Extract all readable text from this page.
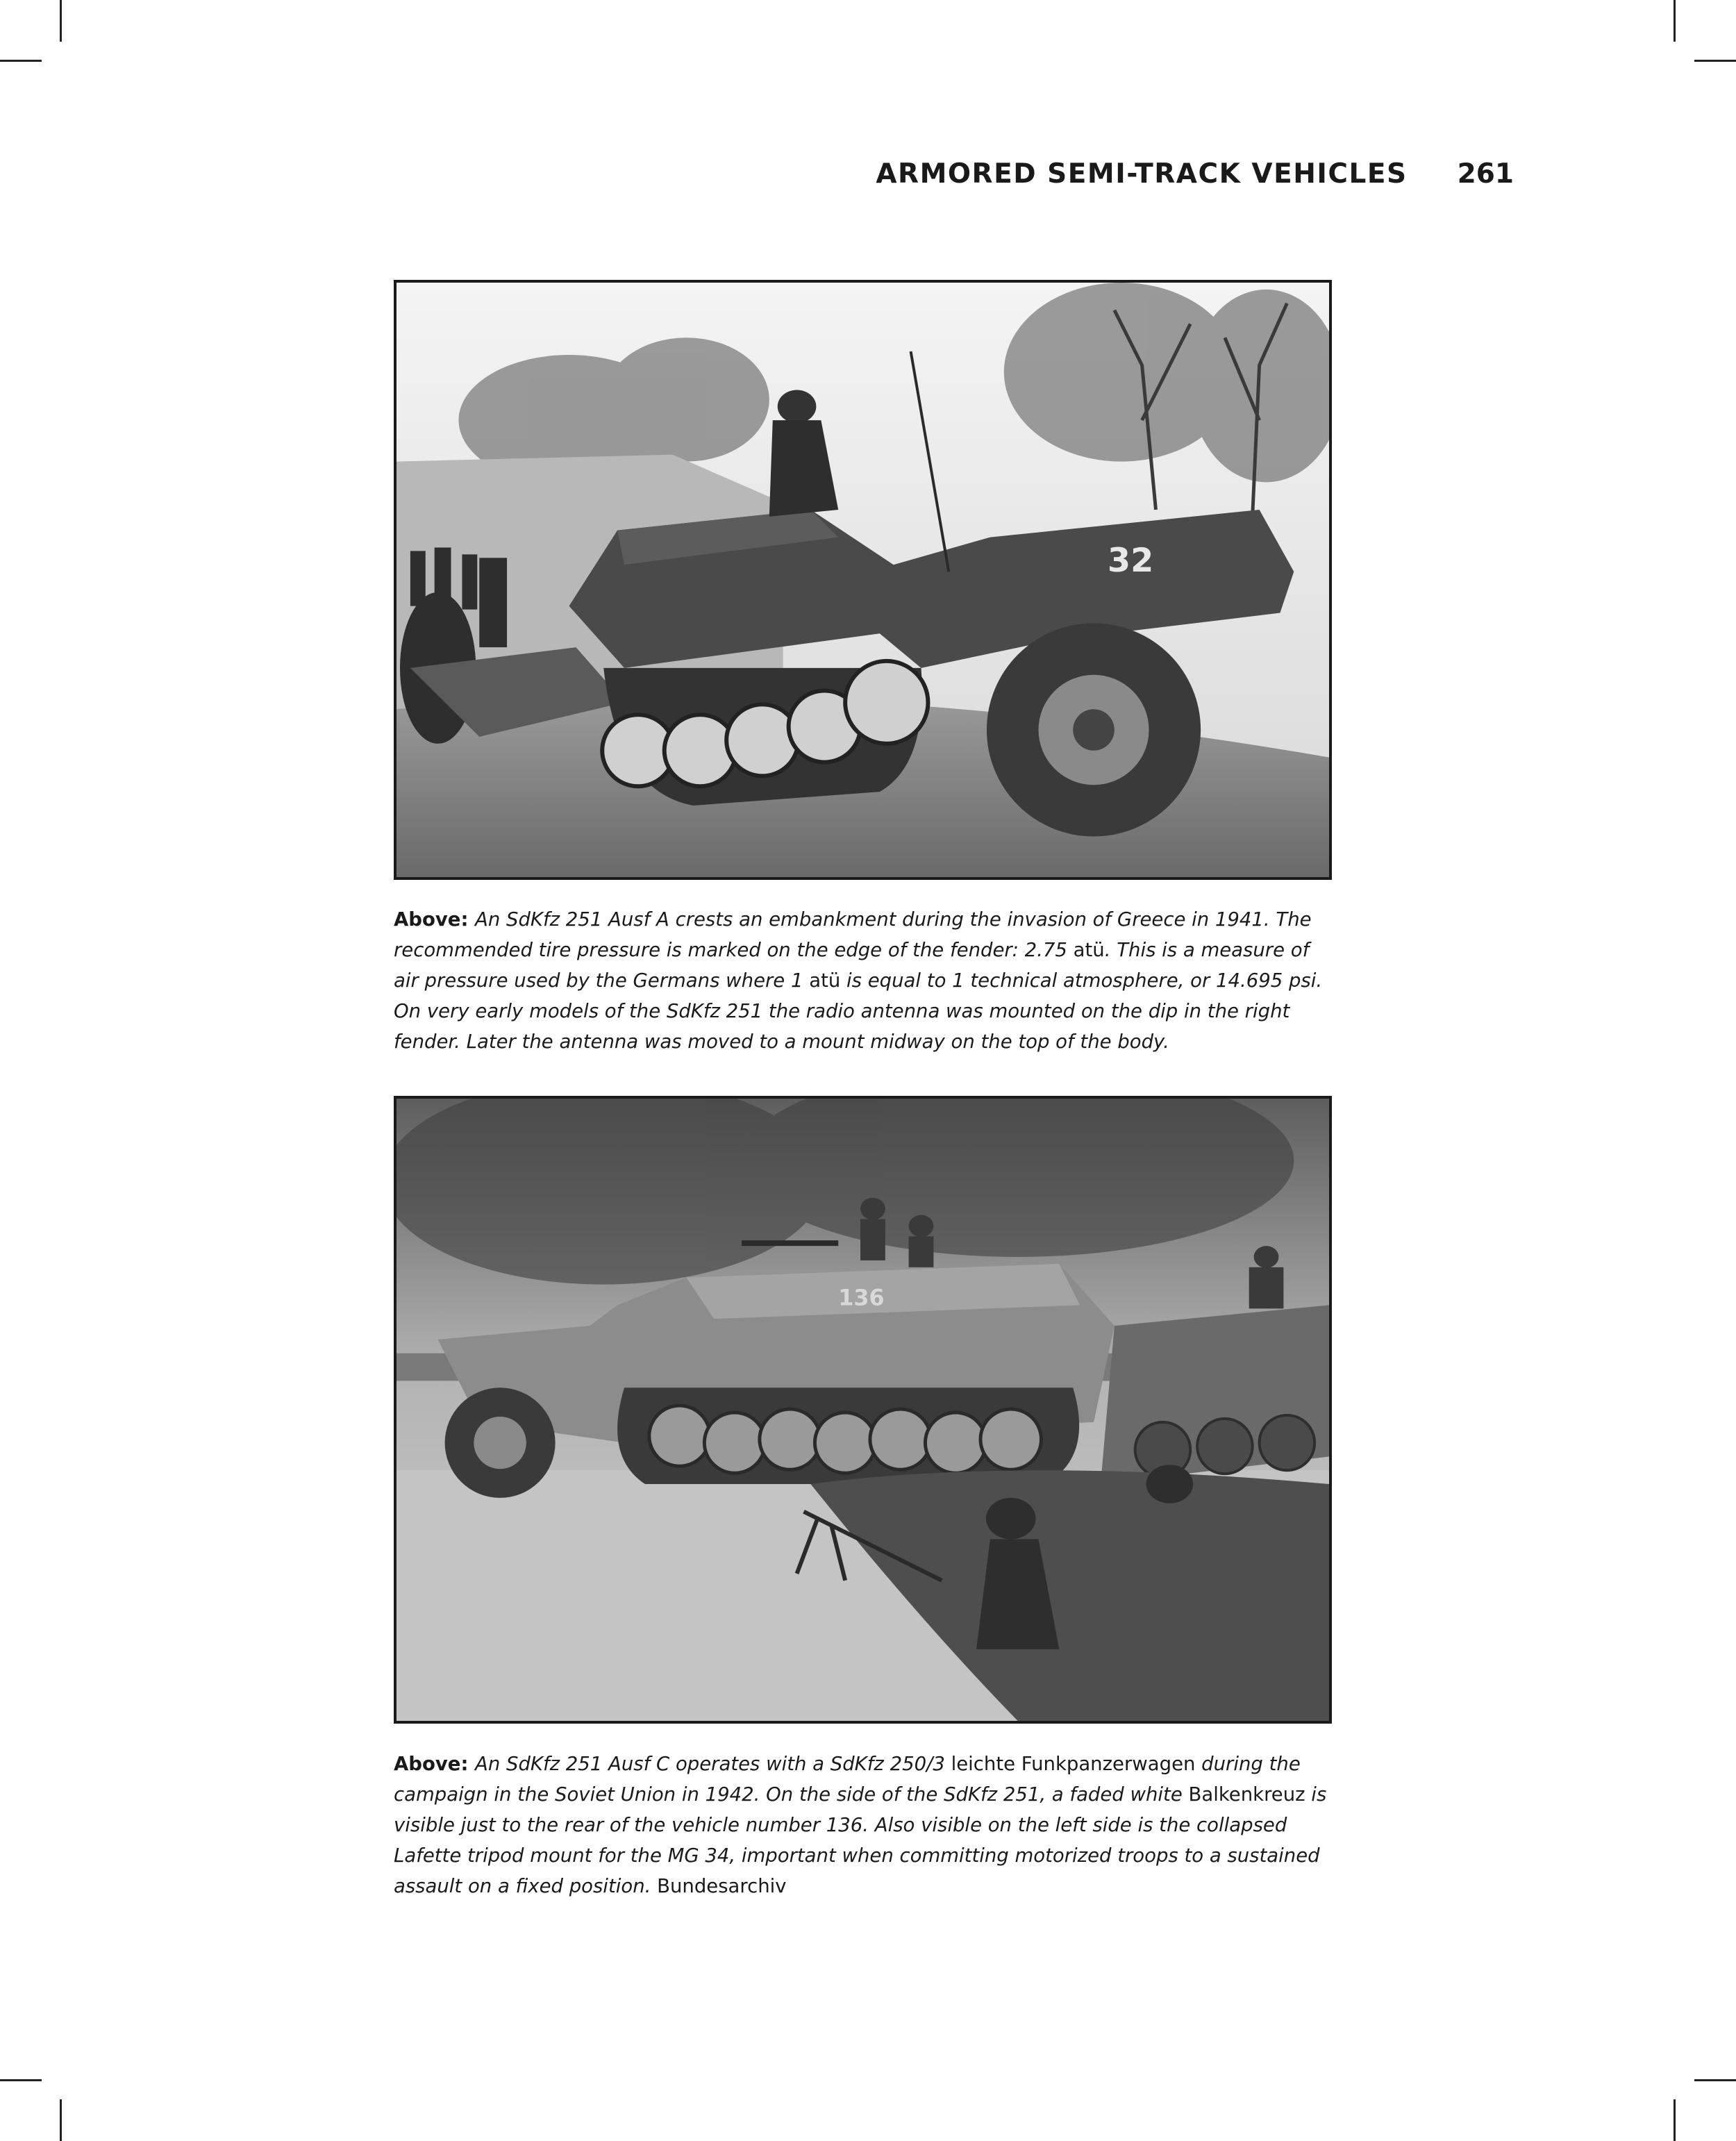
ARMORED SEMI-TRACK VEHICLES 261
32
Above: An SdKfz 251 Ausf A crests an embankment during the invasion of Greece in 1941. The recommended tire pressure is marked on the edge of the fender: 2.75 atü. This is a measure of air pressure used by the Germans where 1 atü is equal to 1 technical atmosphere, or 14.695 psi. On very early models of the SdKfz 251 the radio antenna was mounted on the dip in the right fender. Later the antenna was moved to a mount midway on the top of the body.
136
Above: An SdKfz 251 Ausf C operates with a SdKfz 250/3 leichte Funkpanzerwagen during the campaign in the Soviet Union in 1942. On the side of the SdKfz 251, a faded white Balkenkreuz is visible just to the rear of the vehicle number 136. Also visible on the left side is the collapsed Lafette tripod mount for the MG 34, important when committing motorized troops to a sustained assault on a fixed position. Bundesarchiv
